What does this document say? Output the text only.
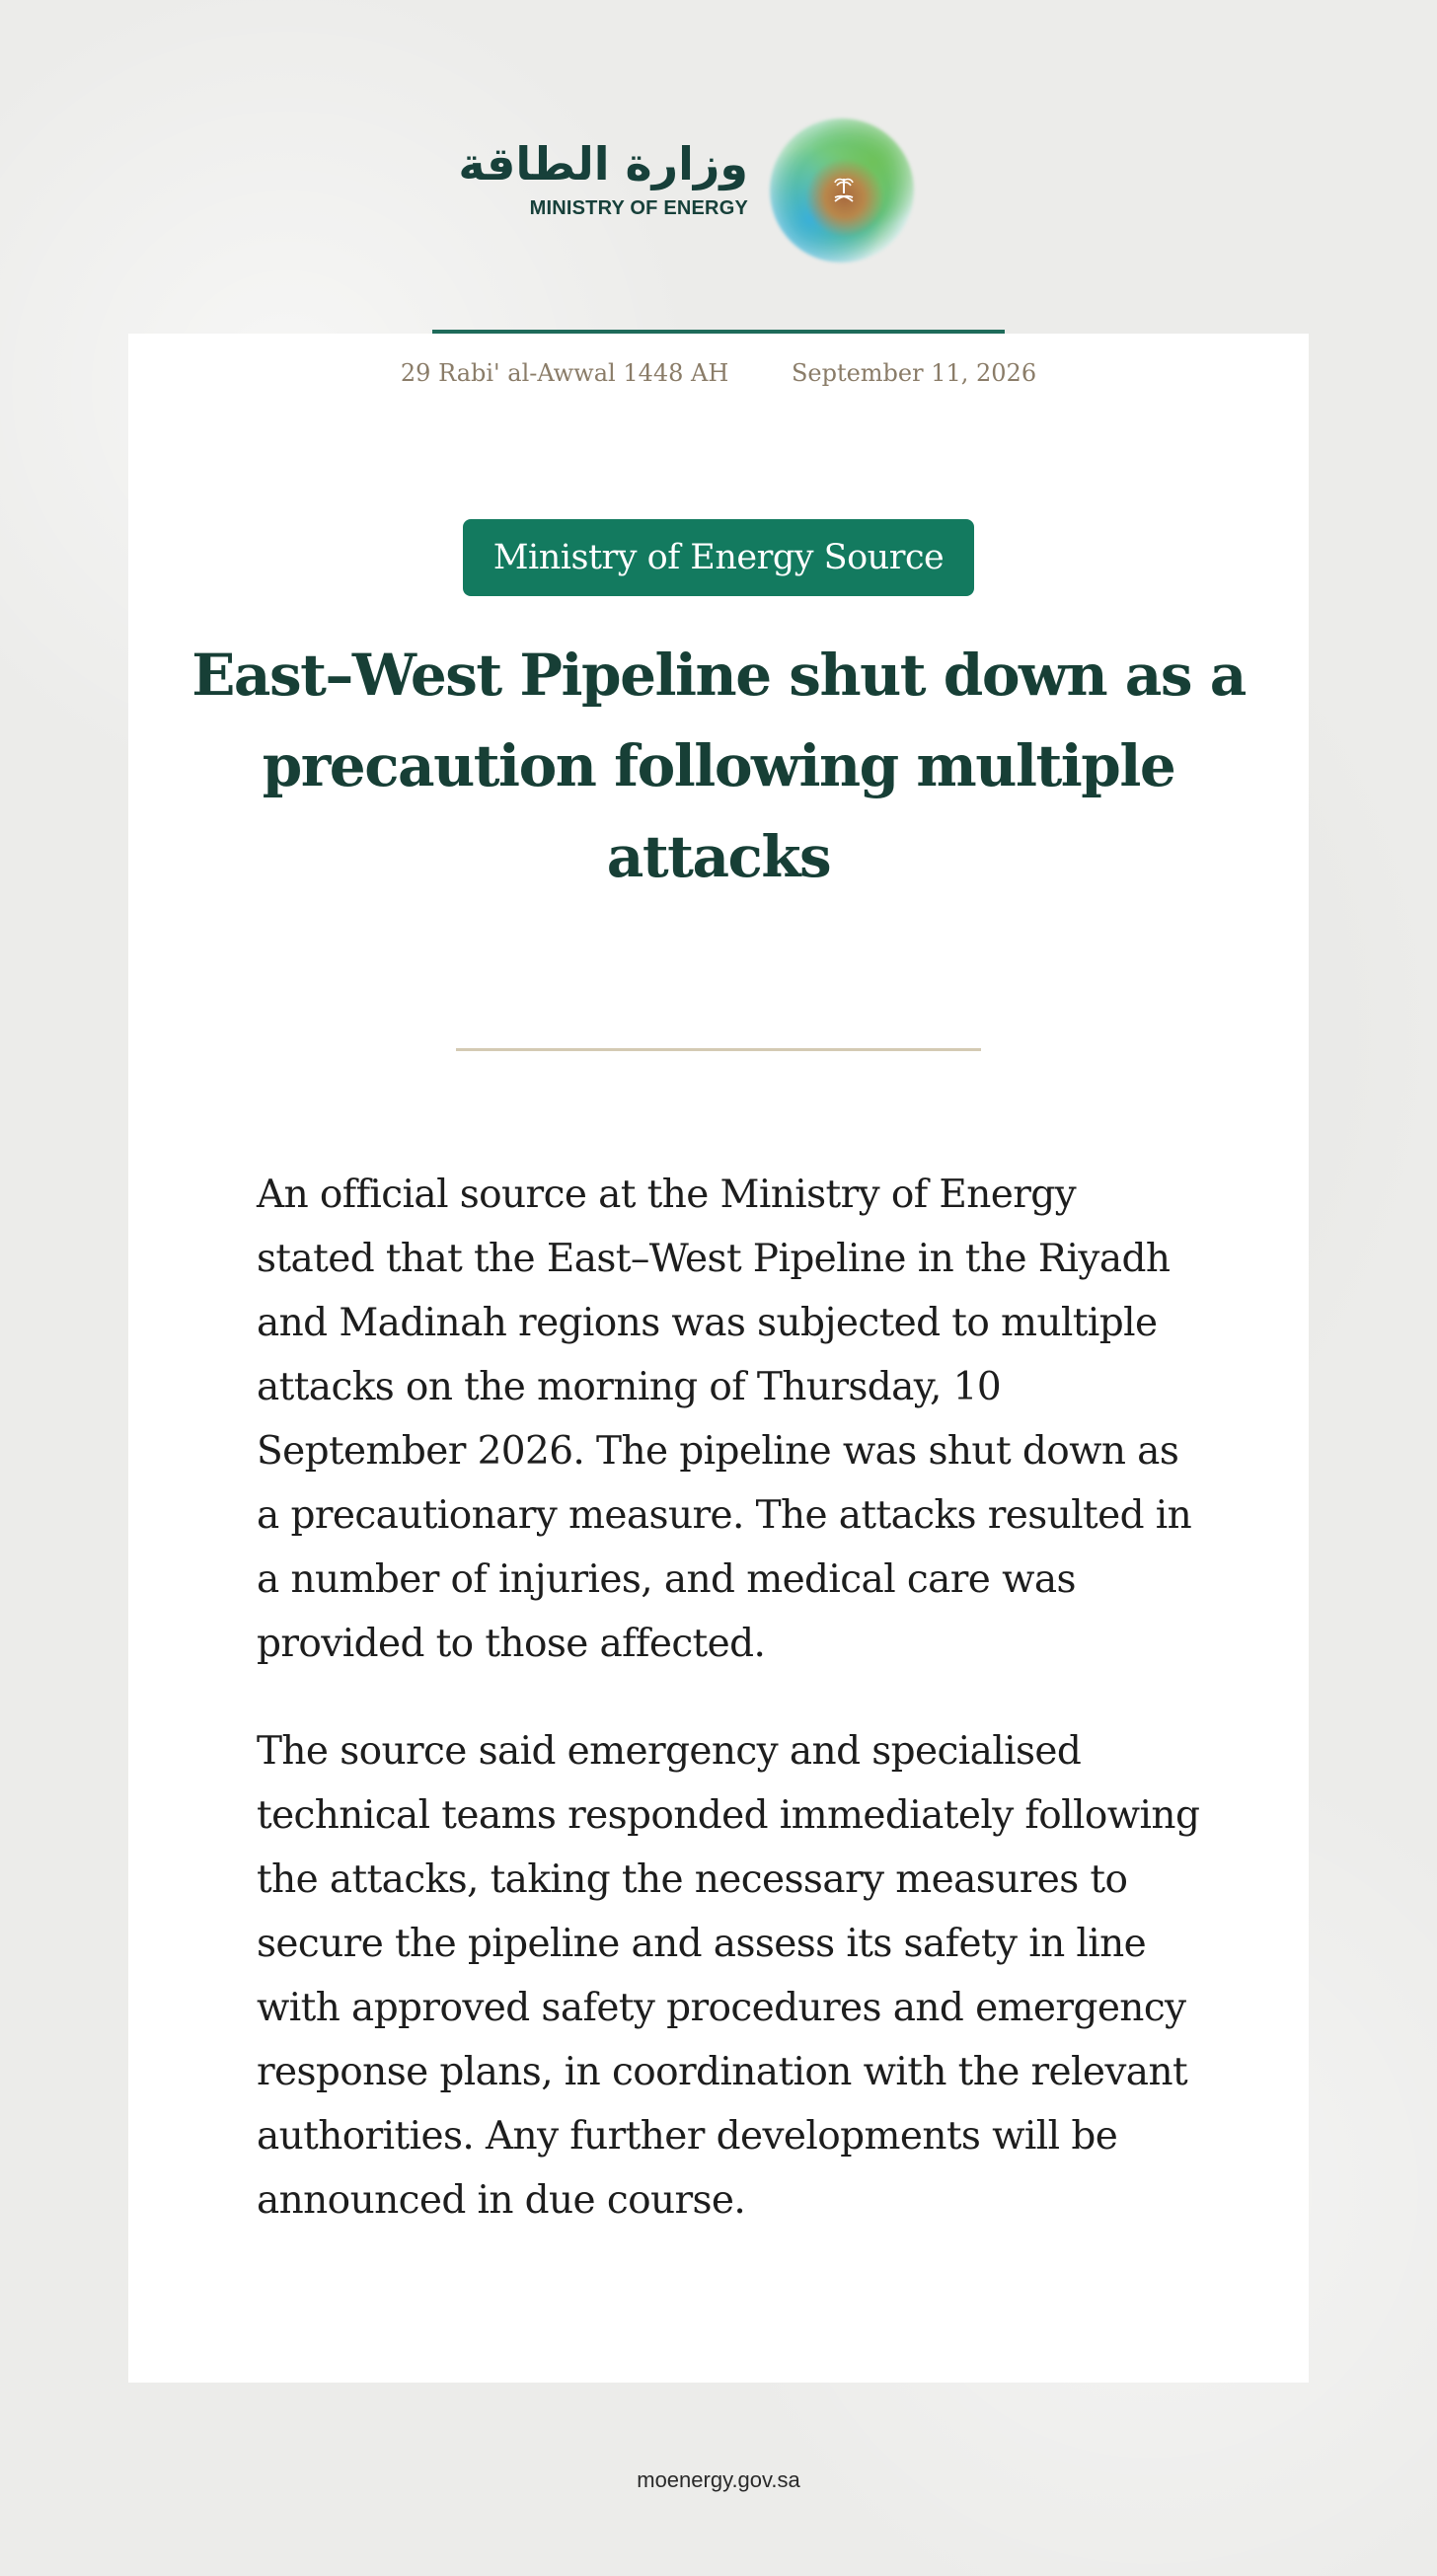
وزارة الطاقة
MINISTRY OF ENERGY
29 Rabi' al-Awwal 1448 AH	September 11, 2026
Ministry of Energy Source
East–West Pipeline shut down as a precaution following multiple attacks

An official source at the Ministry of Energy stated that the East–West Pipeline in the Riyadh and Madinah regions was subjected to multiple attacks on the morning of Thursday, 10 September 2026. The pipeline was shut down as a precautionary measure. The attacks resulted in a number of injuries, and medical care was provided to those affected.

The source said emergency and specialised technical teams responded immediately following the attacks, taking the necessary measures to secure the pipeline and assess its safety in line with approved safety procedures and emergency response plans, in coordination with the relevant authorities. Any further developments will be announced in due course.

moenergy.gov.sa
